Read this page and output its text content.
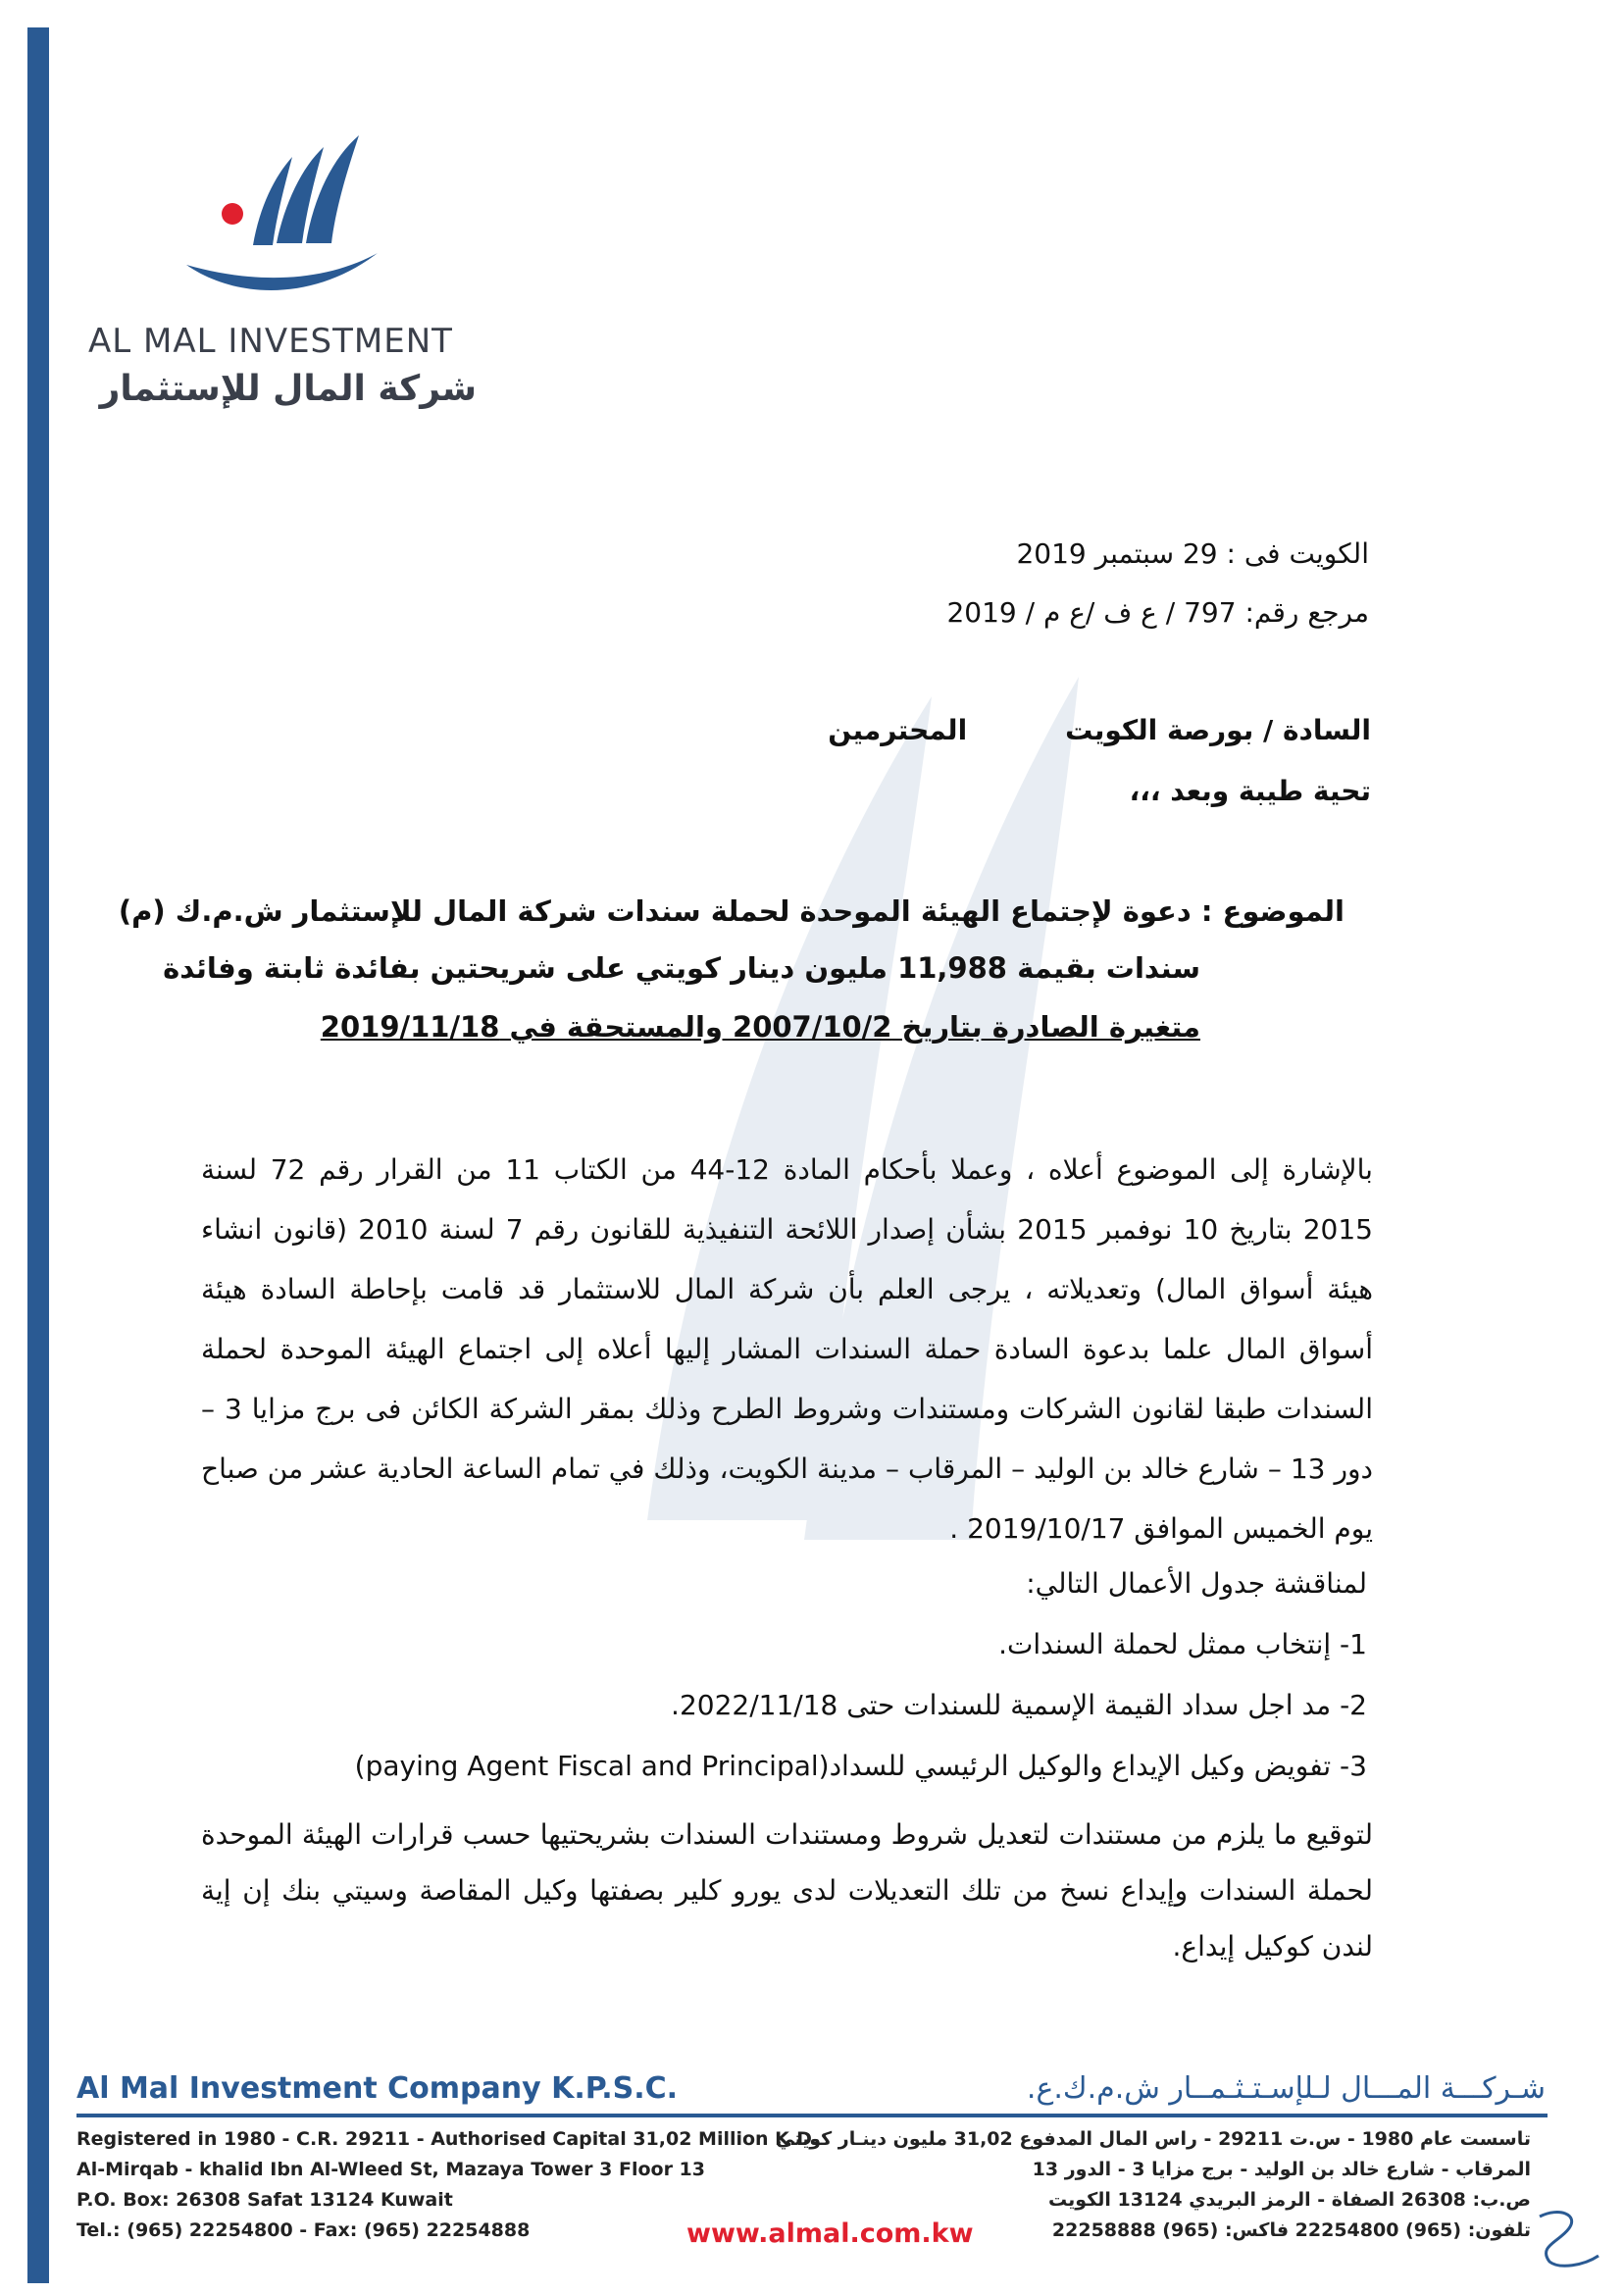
AL MAL INVESTMENT
شركة المال للإستثمار
الكويت فى : 29 سبتمبر 2019
مرجع رقم: 797 / ع ف /ع م / 2019
السادة / بورصة الكويتالمحترمين
تحية طيبة وبعد ،،،
الموضوع : دعوة لإجتماع الهيئة الموحدة لحملة سندات شركة المال للإستثمار ش.م.ك (م)
سندات بقيمة 11,988 مليون دينار كويتي على شريحتين بفائدة ثابتة وفائدة
متغيرة الصادرة بتاريخ 2007/10/2 والمستحقة في 2019/11/18

بالإشارة إلى الموضوع أعلاه ، وعملا بأحكام المادة 12-44 من الكتاب 11 من القرار رقم 72 لسنة 2015 بتاريخ 10 نوفمبر 2015 بشأن إصدار اللائحة التنفيذية للقانون رقم 7 لسنة 2010 (قانون انشاء هيئة أسواق المال) وتعديلاته ، يرجى العلم بأن شركة المال للاستثمار قد قامت بإحاطة السادة هيئة أسواق المال علما بدعوة السادة حملة السندات المشار إليها أعلاه إلى اجتماع الهيئة الموحدة لحملة السندات طبقا لقانون الشركات ومستندات وشروط الطرح وذلك بمقر الشركة الكائن فى برج مزايا 3 – دور 13 – شارع خالد بن الوليد – المرقاب – مدينة الكويت، وذلك في تمام الساعة الحادية عشر من صباح يوم الخميس الموافق 2019/10/17 .

لمناقشة جدول الأعمال التالي:
1- إنتخاب ممثل لحملة السندات.
2- مد اجل سداد القيمة الإسمية للسندات حتى 2022/11/18.
3- تفويض وكيل الإيداع والوكيل الرئيسي للسداد(paying Agent Fiscal and Principal)
لتوقيع ما يلزم من مستندات لتعديل شروط ومستندات السندات بشريحتيها حسب قرارات الهيئة الموحدة لحملة السندات وإيداع نسخ من تلك التعديلات لدى يورو كلير بصفتها وكيل المقاصة وسيتي بنك إن إية لندن كوكيل إيداع.
Al Mal Investment Company K.P.S.C.	شـركـــة المـــال لـلإسـتـثـمــار ش.م.ك.ع.
Registered in 1980 - C.R. 29211 - Authorised Capital 31,02 Million K.D.
Al-Mirqab - khalid Ibn Al-Wleed St, Mazaya Tower 3 Floor 13
P.O. Box: 26308 Safat 13124 Kuwait
Tel.: (965) 22254800 - Fax: (965) 22254888
تاسست عام 1980 - س.ت 29211 - راس المال المدفوع 31,02 مليون دينـار كويتي
المرقاب - شارع خالد بن الوليد - برج مزايا 3 - الدور 13
ص.ب: 26308 الصفاة - الرمز البريدي 13124 الكويت
تلفون: (965) 22254800 فاكس: (965) 22258888
www.almal.com.kw
